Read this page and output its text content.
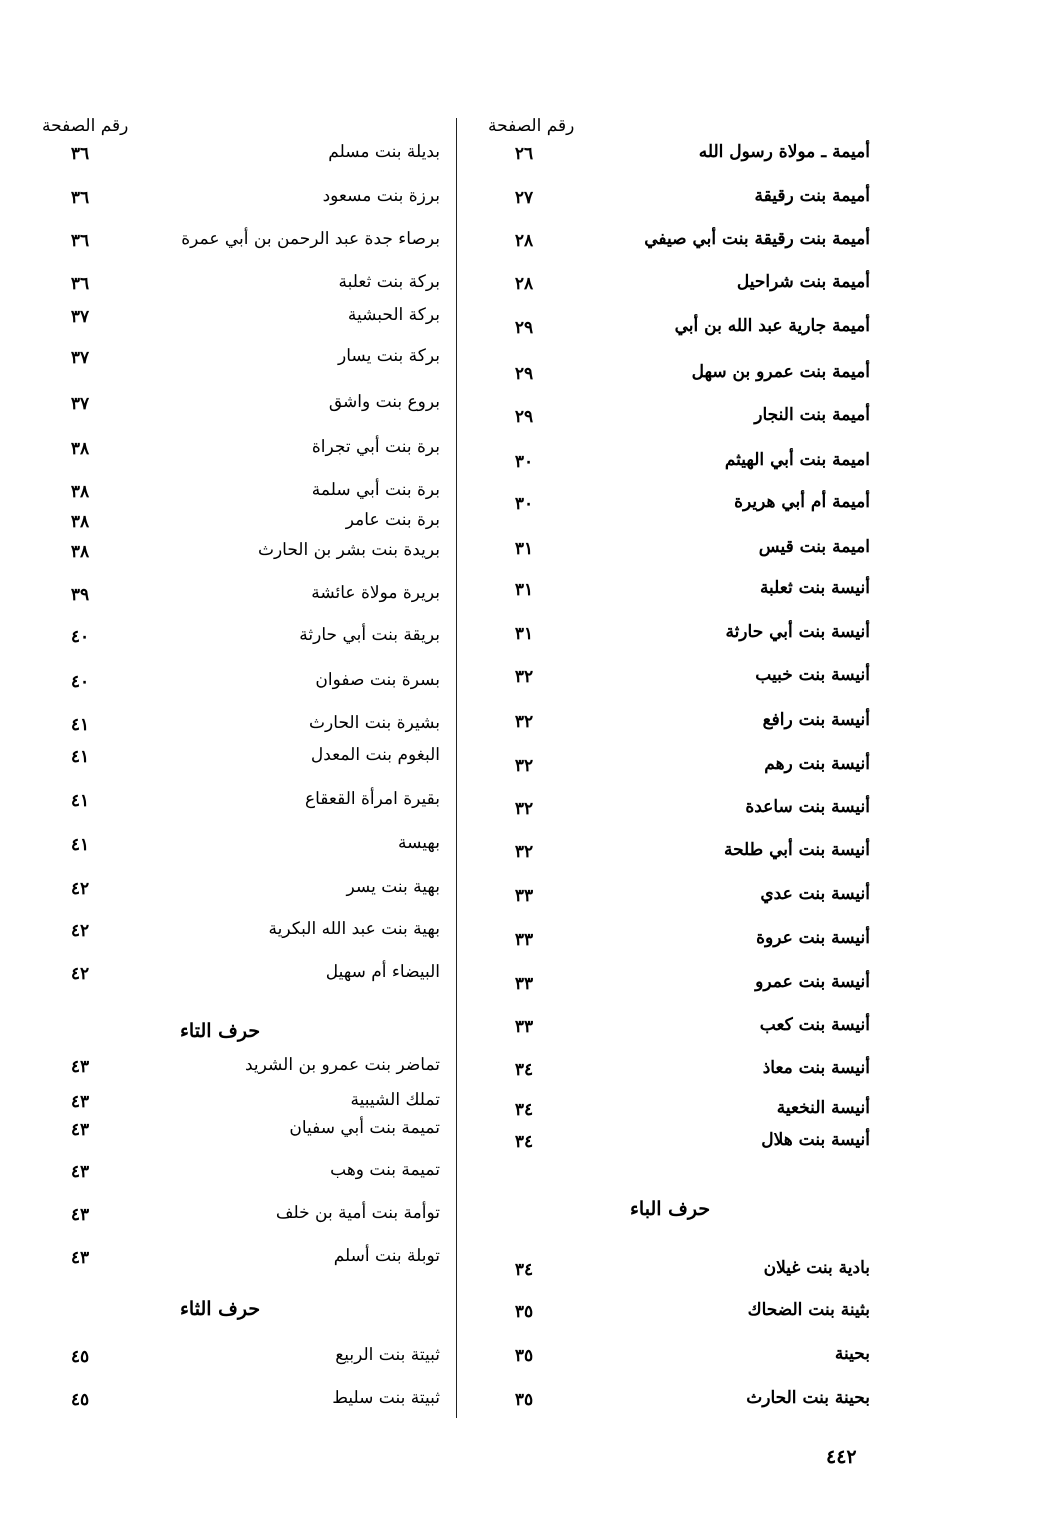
رقم الصفحة
أميمة ـ مولاة رسول الله
٢٦
أميمة بنت رقيقة
٢٧
أميمة بنت رقيقة بنت أبي صيفي
٢٨
أميمة بنت شراحيل
٢٨
أميمة جارية عبد الله بن أبي
٢٩
أميمة بنت عمرو بن سهل
٢٩
أميمة بنت النجار
٢٩
اميمة بنت أبي الهيثم
٣٠
أميمة أم أبي هريرة
٣٠
اميمة بنت قيس
٣١
أنيسة بنت ثعلبة
٣١
أنيسة بنت أبي حارثة
٣١
أنيسة بنت خبيب
٣٢
أنيسة بنت رافع
٣٢
أنيسة بنت رهم
٣٢
أنيسة بنت ساعدة
٣٢
أنيسة بنت أبي طلحة
٣٢
أنيسة بنت عدي
٣٣
أنيسة بنت عروة
٣٣
أنيسة بنت عمرو
٣٣
أنيسة بنت كعب
٣٣
أنيسة بنت معاذ
٣٤
أنيسة النخعية
٣٤
أنيسة بنت هلال
٣٤
بادية بنت غيلان
٣٤
بثينة بنت الضحاك
٣٥
بحينة
٣٥
بحينة بنت الحارث
٣٥
حرف الباء
رقم الصفحة
بديلة بنت مسلم
٣٦
برزة بنت مسعود
٣٦
برصاء جدة عبد الرحمن بن أبي عمرة
٣٦
بركة بنت ثعلبة
٣٦
بركة الحبشية
٣٧
بركة بنت يسار
٣٧
بروع بنت واشق
٣٧
برة بنت أبي تجراة
٣٨
برة بنت أبي سلمة
٣٨
برة بنت عامر
٣٨
بريدة بنت بشر بن الحارث
٣٨
بريرة مولاة عائشة
٣٩
بريقة بنت أبي حارثة
٤٠
بسرة بنت صفوان
٤٠
بشيرة بنت الحارث
٤١
البغوم بنت المعدل
٤١
بقيرة امرأة القعقاع
٤١
بهيسة
٤١
بهية بنت يسر
٤٢
بهية بنت عبد الله البكرية
٤٢
البيضاء أم سهيل
٤٢
تماضر بنت عمرو بن الشريد
٤٣
تملك الشيبية
٤٣
تميمة بنت أبي سفيان
٤٣
تميمة بنت وهب
٤٣
توأمة بنت أمية بن خلف
٤٣
توبلة بنت أسلم
٤٣
ثبيتة بنت الربيع
٤٥
ثبيتة بنت سليط
٤٥
حرف التاء
حرف الثاء
٤٤٢
